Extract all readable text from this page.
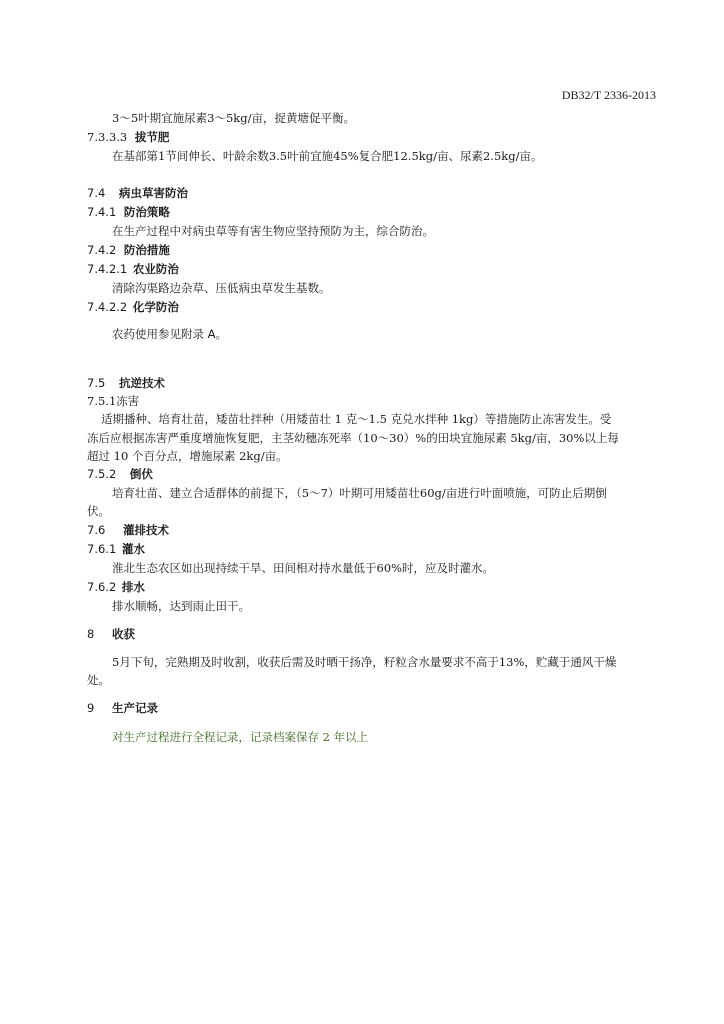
DB32/T 2336-2013
3～5叶期宜施尿素3～5kg/亩，捉黄塘促平衡。
7.3.3.3 拔节肥
在基部第1节间伸长、叶龄余数3.5叶前宜施45%复合肥12.5kg/亩、尿素2.5kg/亩。
7.4 病虫草害防治
7.4.1 防治策略
在生产过程中对病虫草等有害生物应坚持预防为主，综合防治。
7.4.2 防治措施
7.4.2.1 农业防治
清除沟渠路边杂草、压低病虫草发生基数。
7.4.2.2 化学防治
农药使用参见附录 A。
7.5 抗逆技术
7.5.1冻害
适期播种、培育壮苗，矮苗壮拌种（用矮苗壮 1 克～1.5 克兑水拌种 1kg）等措施防止冻害发生。受
冻后应根据冻害严重度增施恢复肥，主茎幼穗冻死率（10～30）%的田块宜施尿素 5kg/亩，30%以上每
超过 10 个百分点，增施尿素 2kg/亩。
7.5.2 倒伏
培育壮苗、建立合适群体的前提下，（5～7）叶期可用矮苗壮60g/亩进行叶面喷施，可防止后期倒
伏。
7.6 灌排技术
7.6.1 灌水
淮北生态农区如出现持续干旱、田间相对持水量低于60%时，应及时灌水。
7.6.2 排水
排水顺畅，达到雨止田干。
8 收获
5月下旬，完熟期及时收割，收获后需及时晒干扬净，籽粒含水量要求不高于13%，贮藏于通风干燥
处。
9 生产记录
对生产过程进行全程记录，记录档案保存 2 年以上
